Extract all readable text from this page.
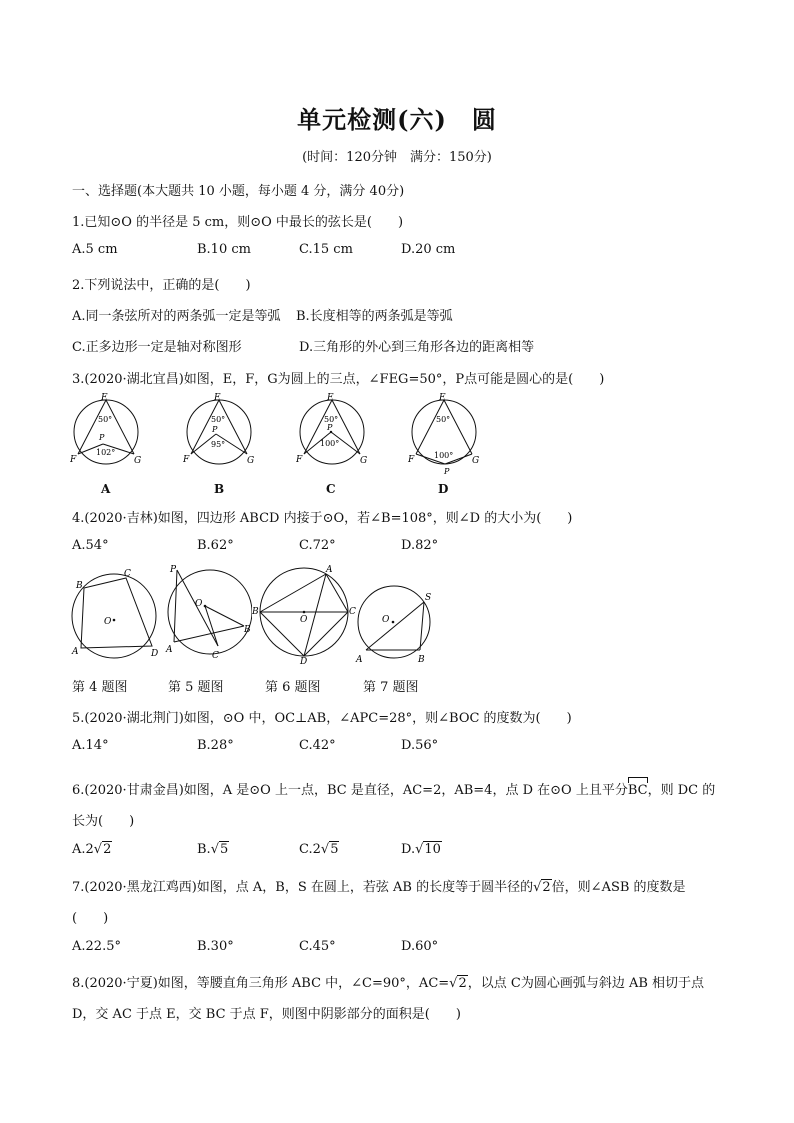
单元检测(六)　圆
(时间：120分钟　满分：150分)
一、选择题(本大题共 10 小题，每小题 4 分，满分 40分)
1.已知⊙O 的半径是 5 cm，则⊙O 中最长的弦长是(　　)
A.5 cm	B.10 cm	C.15 cm	D.20 cm
2.下列说法中，正确的是(　　)
A.同一条弦所对的两条弧一定是等弧 B.长度相等的两条弧是等弧
C.正多边形一定是轴对称图形	D.三角形的外心到三角形各边的距离相等
3.(2020·湖北宜昌)如图，E，F，G为圆上的三点，∠FEG=50°，P点可能是圆心的是(　　)
E
F	G
P
50°
102°
A
E
F	G
P
50°
95°
B
E
F	G
P
50°
100°
C
E
F	G
P
50°
100°
D
4.(2020·吉林)如图，四边形 ABCD 内接于⊙O，若∠B=108°，则∠D 的大小为(　　)
A.54°	B.62°	C.72°	D.82°
O
B
C
D
A
O
P
A
B
C
O
B	C
A
D
O
S
A	B
第 4 题图	第 5 题图	第 6 题图	第 7 题图
5.(2020·湖北荆门)如图，⊙O 中，OC⊥AB，∠APC=28°，则∠BOC 的度数为(　　)
A.14°	B.28°	C.42°	D.56°
6.(2020·甘肃金昌)如图，A 是⊙O 上一点，BC 是直径，AC=2，AB=4，点 D 在⊙O 上且平分
BC，则 DC 的
长为(　　)
A.2√2	B.√5	C.2√5	D.√10
7.(2020·黑龙江鸡西)如图，点 A，B，S 在圆上，若弦 AB 的长度等于圆半径的√2倍，则∠ASB 的度数是
(　　)
A.22.5°	B.30°	C.45°	D.60°
8.(2020·宁夏)如图，等腰直角三角形 ABC 中，∠C=90°，AC=√2，以点 C为圆心画弧与斜边 AB 相切于点
D，交 AC 于点 E，交 BC 于点 F，则图中阴影部分的面积是(　　)
